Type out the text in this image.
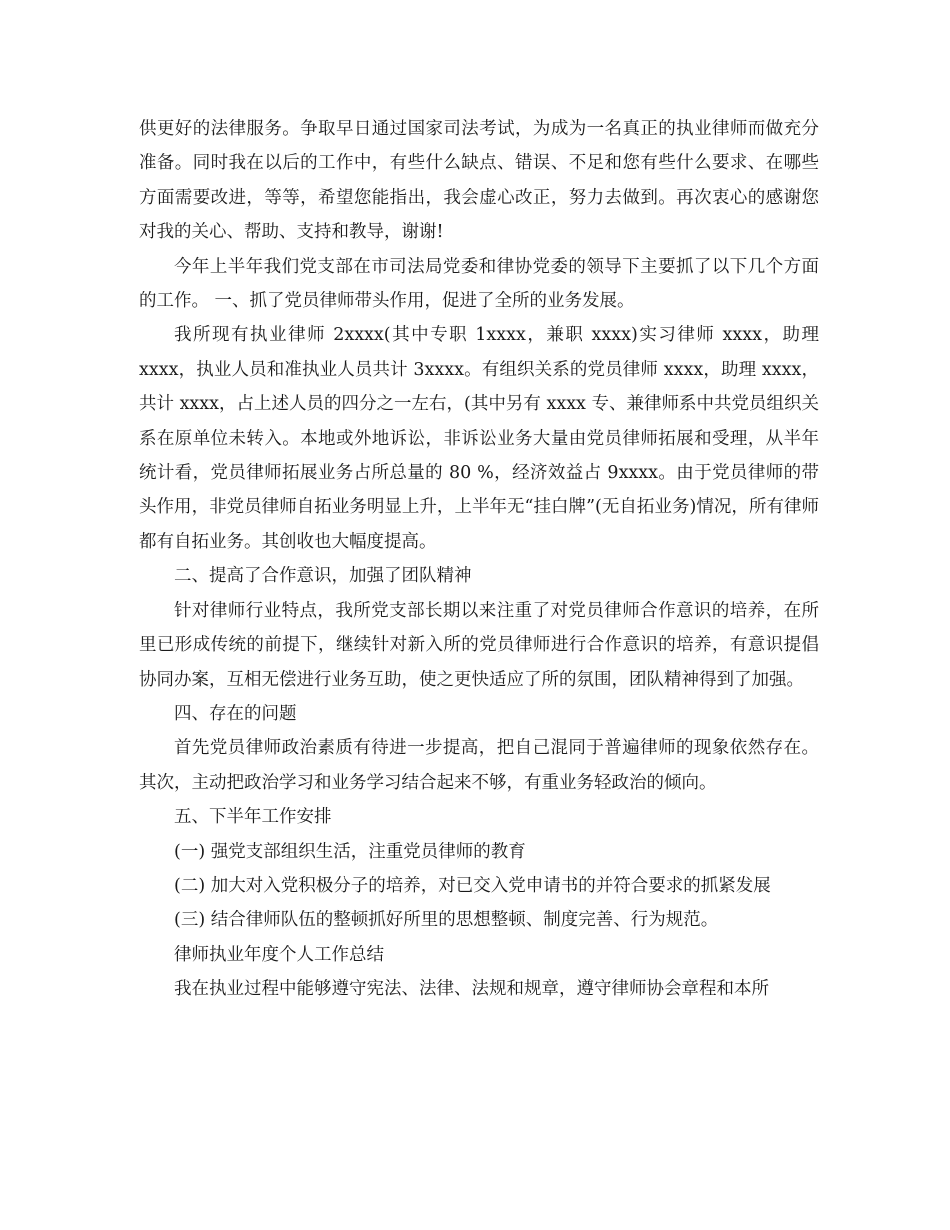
供更好的法律服务。争取早日通过国家司法考试，为成为一名真正的执业律师而做充分准备。同时我在以后的工作中，有些什么缺点、错误、不足和您有些什么要求、在哪些方面需要改进，等等，希望您能指出，我会虚心改正，努力去做到。再次衷心的感谢您对我的关心、帮助、支持和教导，谢谢!

今年上半年我们党支部在市司法局党委和律协党委的领导下主要抓了以下几个方面的工作。 一、抓了党员律师带头作用，促进了全所的业务发展。

我所现有执业律师 2xxxx(其中专职 1xxxx，兼职 xxxx)实习律师 xxxx，助理 xxxx，执业人员和准执业人员共计 3xxxx。有组织关系的党员律师 xxxx，助理 xxxx，共计 xxxx，占上述人员的四分之一左右，(其中另有 xxxx 专、兼律师系中共党员组织关系在原单位未转入。本地或外地诉讼，非诉讼业务大量由党员律师拓展和受理，从半年统计看，党员律师拓展业务占所总量的 80 %，经济效益占 9xxxx。由于党员律师的带头作用，非党员律师自拓业务明显上升，上半年无“挂白牌”(无自拓业务)情况，所有律师都有自拓业务。其创收也大幅度提高。

二、提高了合作意识，加强了团队精神

针对律师行业特点，我所党支部长期以来注重了对党员律师合作意识的培养，在所里已形成传统的前提下，继续针对新入所的党员律师进行合作意识的培养，有意识提倡协同办案，互相无偿进行业务互助，使之更快适应了所的氛围，团队精神得到了加强。

四、存在的问题

首先党员律师政治素质有待进一步提高，把自己混同于普遍律师的现象依然存在。其次，主动把政治学习和业务学习结合起来不够，有重业务轻政治的倾向。

五、下半年工作安排

(一) 强党支部组织生活，注重党员律师的教育

(二) 加大对入党积极分子的培养，对已交入党申请书的并符合要求的抓紧发展

(三) 结合律师队伍的整顿抓好所里的思想整顿、制度完善、行为规范。

律师执业年度个人工作总结

我在执业过程中能够遵守宪法、法律、法规和规章，遵守律师协会章程和本所
